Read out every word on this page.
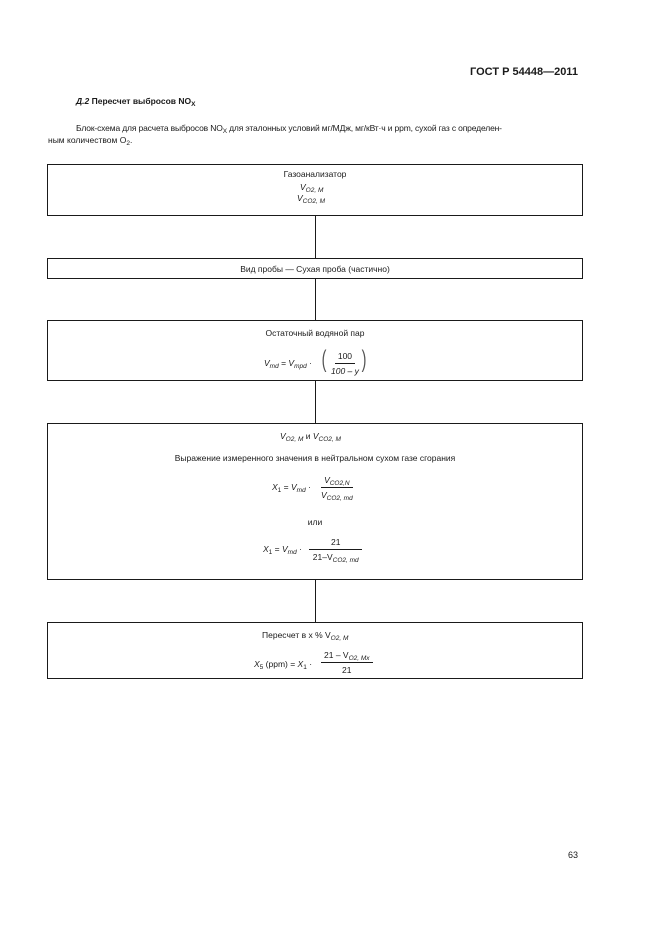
ГОСТ Р 54448—2011
Д.2 Пересчет выбросов $NO_X$
Блок-схема для расчета выбросов $NO_X$ для эталонных условий мг/МДж, мг/кВт·ч и ppm, сухой газ с определен-
ным количеством $O_2$.
Газоанализатор
$V_{O2, M}$
$V_{CO2, M}$
Вид пробы — Сухая проба (частично)
Остаточный водяной пар
$V_{md} = V_{mpd}$ · ( $\frac{100}{100 - y}$ )
$V_{O2, M}$ и $V_{CO2, M}$
Выражение измеренного значения в нейтральном сухом газе сгорания
$X_1 = V_{md}$ ·
$V_{CO2,N}$
$V_{CO2, md}$
или
$X_1 = V_{md}$ ·
21
$21-V_{CO2, md}$
Пересчет в x % $V_{O2, M}$
$X_5$ $(ppm) = X_1 \cdot \frac{21 - V_{O2, Mx}}{21}$
63
